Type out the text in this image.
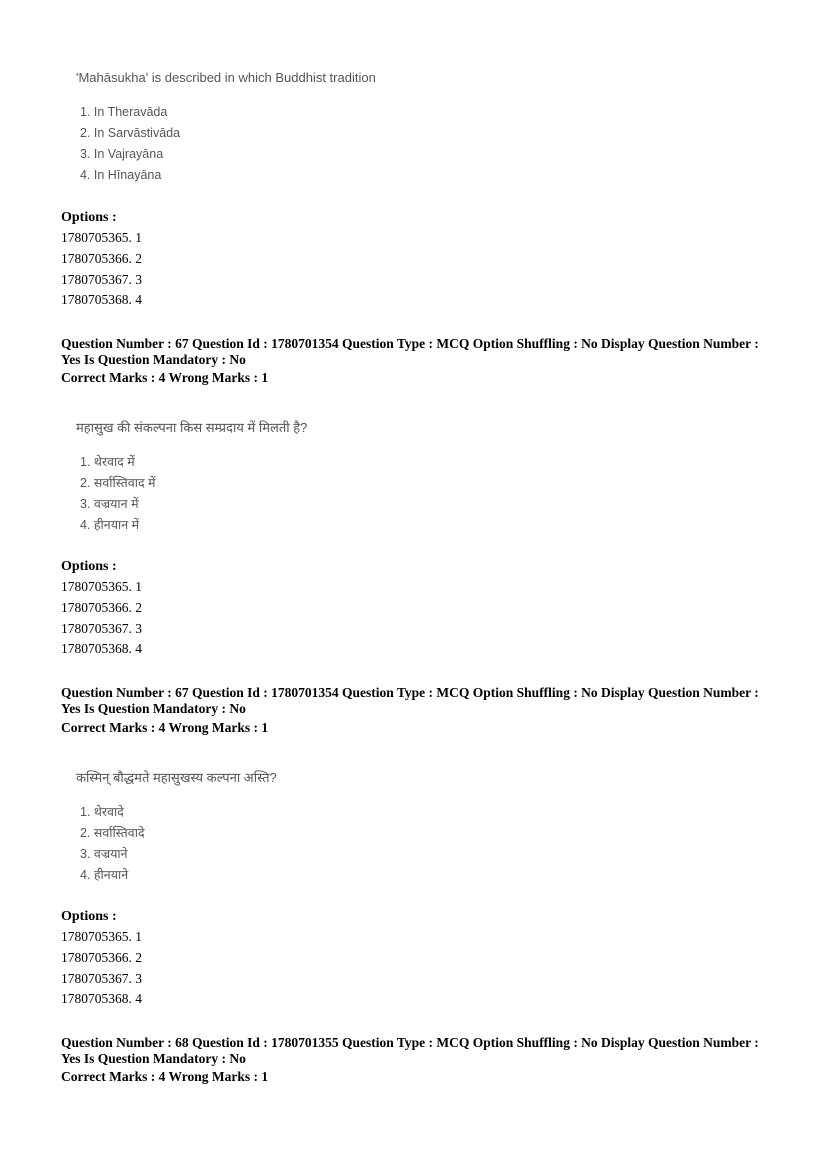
'Mahāsukha' is described in which Buddhist tradition
1. In Theravāda
2. In Sarvāstivāda
3. In Vajrayāna
4. In Hīnayāna
Options :
1780705365. 1
1780705366. 2
1780705367. 3
1780705368. 4
Question Number : 67 Question Id : 1780701354 Question Type : MCQ Option Shuffling : No Display Question Number : Yes Is Question Mandatory : No
Correct Marks : 4 Wrong Marks : 1
महासुख की संकल्पना किस सम्प्रदाय में मिलती है?
1. थेरवाद में
2. सर्वास्तिवाद में
3. वज्रयान में
4. हीनयान में
Options :
1780705365. 1
1780705366. 2
1780705367. 3
1780705368. 4
Question Number : 67 Question Id : 1780701354 Question Type : MCQ Option Shuffling : No Display Question Number : Yes Is Question Mandatory : No
Correct Marks : 4 Wrong Marks : 1
कस्मिन् बौद्धमते महासुखस्य कल्पना अस्ति?
1. थेरवादे
2. सर्वास्तिवादे
3. वज्रयाने
4. हीनयाने
Options :
1780705365. 1
1780705366. 2
1780705367. 3
1780705368. 4
Question Number : 68 Question Id : 1780701355 Question Type : MCQ Option Shuffling : No Display Question Number : Yes Is Question Mandatory : No
Correct Marks : 4 Wrong Marks : 1
